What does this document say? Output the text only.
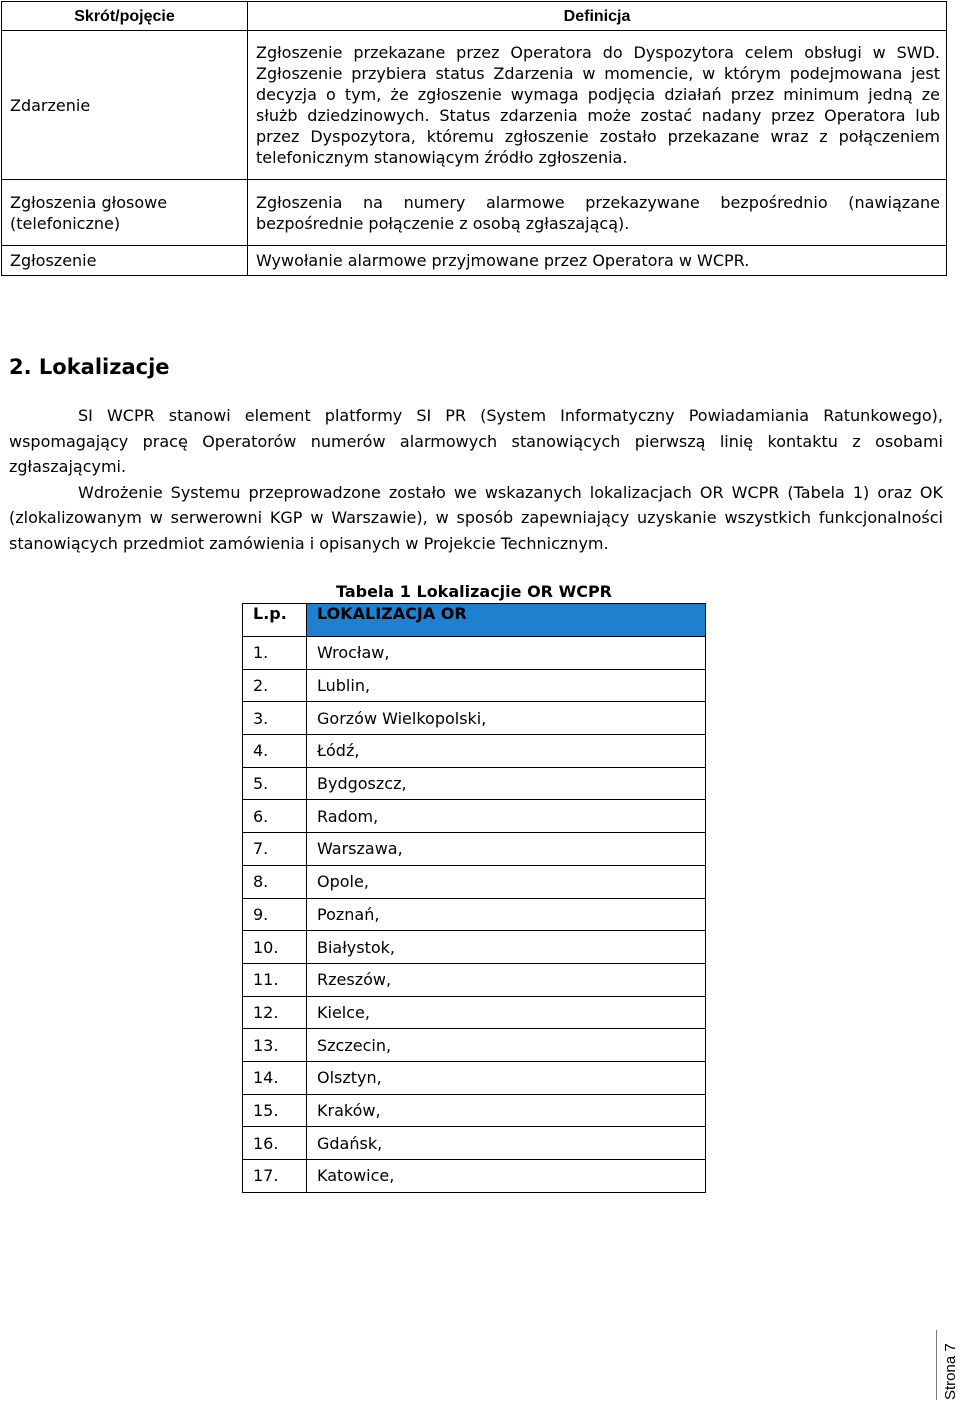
Skrót/pojęcie	Definicja
Zdarzenie	Zgłoszenie przekazane przez Operatora do Dyspozytora celem obsługi w SWD. Zgłoszenie przybiera status Zdarzenia w momencie, w którym podejmowana jest decyzja o tym, że zgłoszenie wymaga podjęcia działań przez minimum jedną ze służb dziedzinowych. Status zdarzenia może zostać nadany przez Operatora lub przez Dyspozytora, któremu zgłoszenie zostało przekazane wraz z połączeniem telefonicznym stanowiącym źródło zgłoszenia.
Zgłoszenia głosowe (telefoniczne)	Zgłoszenia na numery alarmowe przekazywane bezpośrednio (nawiązane bezpośrednie połączenie z osobą zgłaszającą).
Zgłoszenie	Wywołanie alarmowe przyjmowane przez Operatora w WCPR.
2. Lokalizacje

SI WCPR stanowi element platformy SI PR (System Informatyczny Powiadamiania Ratunkowego), wspomagający pracę Operatorów numerów alarmowych stanowiących pierwszą linię kontaktu z osobami zgłaszającymi.

Wdrożenie Systemu przeprowadzone zostało we wskazanych lokalizacjach OR WCPR (Tabela 1) oraz OK (zlokalizowanym w serwerowni KGP w Warszawie), w sposób zapewniający uzyskanie wszystkich funkcjonalności stanowiących przedmiot zamówienia i opisanych w Projekcie Technicznym.

Tabela 1 Lokalizacjie OR WCPR
L.p.	LOKALIZACJA OR
1.	Wrocław,
2.	Lublin,
3.	Gorzów Wielkopolski,
4.	Łódź,
5.	Bydgoszcz,
6.	Radom,
7.	Warszawa,
8.	Opole,
9.	Poznań,
10.	Białystok,
11.	Rzeszów,
12.	Kielce,
13.	Szczecin,
14.	Olsztyn,
15.	Kraków,
16.	Gdańsk,
17.	Katowice,
Strona 7
